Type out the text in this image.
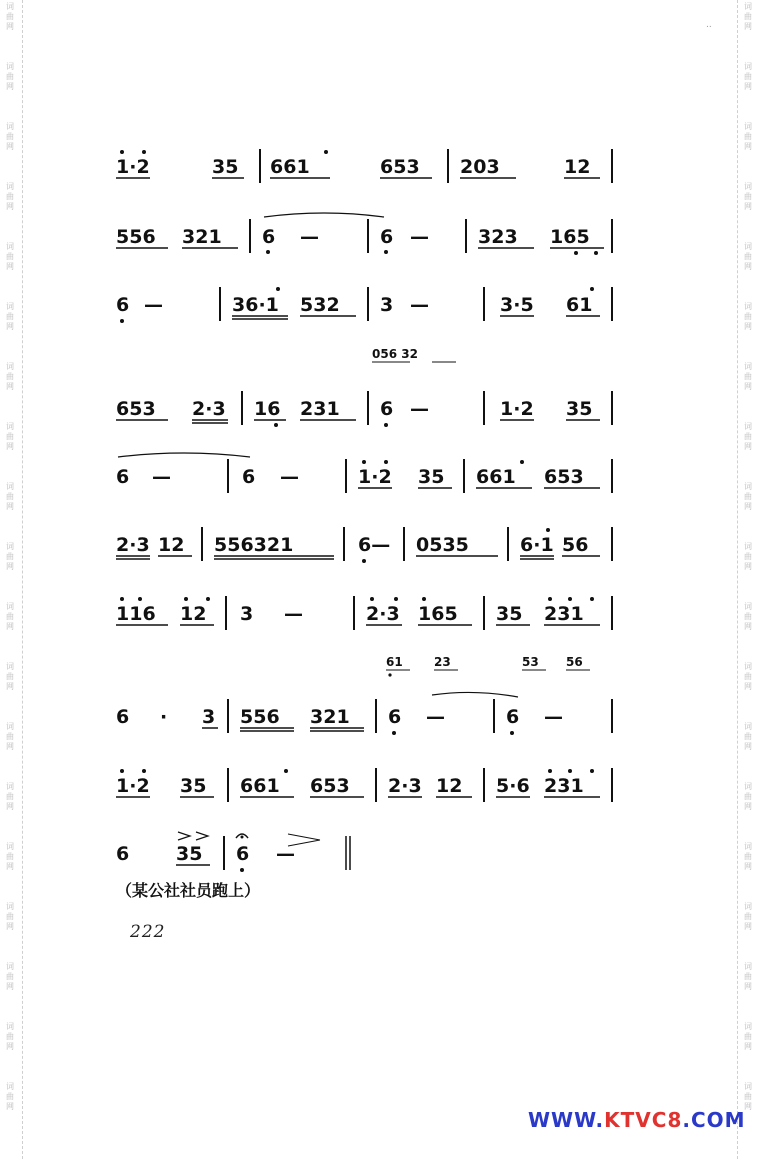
词
曲
网
词
曲
网
词
曲
网
词
曲
网
词
曲
网
词
曲
网
词
曲
网
词
曲
网
词
曲
网
词
曲
网
词
曲
网
词
曲
网
词
曲
网
词
曲
网
词
曲
网
词
曲
网
词
曲
网
词
曲
网
词
曲
网
词
曲
网
词
曲
网
词
曲
网
词
曲
网
词
曲
网
词
曲
网
词
曲
网
词
曲
网
词
曲
网
词
曲
网
词
曲
网
词
曲
网
词
曲
网
词
曲
网
词
曲
网
词
曲
网
词
曲
网
词
曲
网
词
曲
网
..
1·2	35 661	653 203	12
556 321 6 —	6 —	323 165
6 —	36·1 532 3 —	3·5 61
056 32
653 2·3 16 231 6 —	1·2 35
6 —	6 —	1·2 35 661 653
2·3 12 556321	6— 0535	6·1 56
116 12 3 —	2·3 165 35 231
61	23	53 56
6 · 3 556 321 6 —	6 —
1·2 35 661 653 2·3 12 5·6 231
6 35 6 —
（某公社社员跑上）
222
WWW.KTVC8.COM
